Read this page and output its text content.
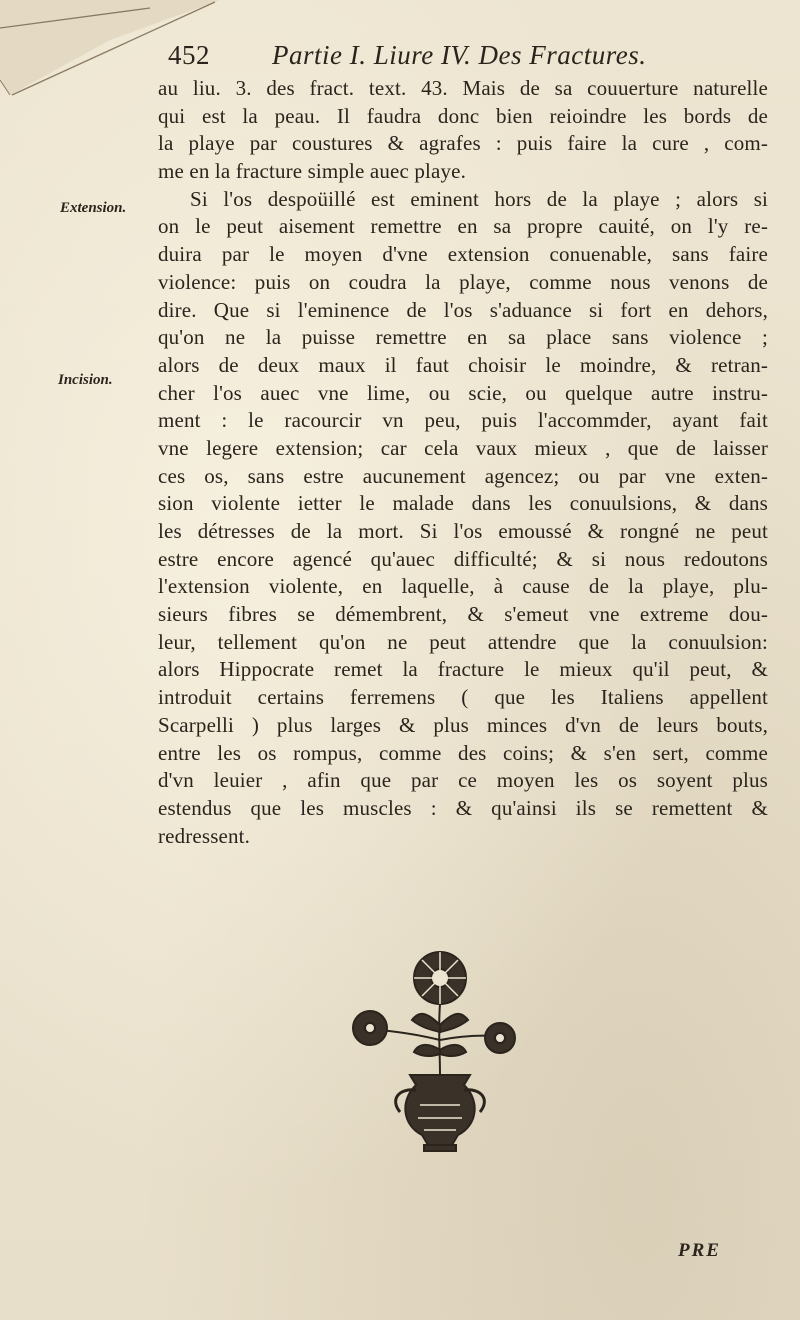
452 Partie I. Liure IV. Des Fractures.
Extension.
Incision.
au liu. 3. des fract. text. 43. Mais de sa couuerture naturelle
qui est la peau. Il faudra donc bien reioindre les bords de
la playe par coustures & agrafes : puis faire la cure , com-
me en la fracture simple auec playe.
Si l'os despoüillé est eminent hors de la playe ; alors si
on le peut aisement remettre en sa propre cauité, on l'y re-
duira par le moyen d'vne extension conuenable, sans faire
violence: puis on coudra la playe, comme nous venons de
dire. Que si l'eminence de l'os s'aduance si fort en dehors,
qu'on ne la puisse remettre en sa place sans violence ;
alors de deux maux il faut choisir le moindre, & retran-
cher l'os auec vne lime, ou scie, ou quelque autre instru-
ment : le racourcir vn peu, puis l'accommder, ayant fait
vne legere extension; car cela vaux mieux , que de laisser
ces os, sans estre aucunement agencez; ou par vne exten-
sion violente ietter le malade dans les conuulsions, & dans
les détresses de la mort. Si l'os emoussé & rongné ne peut
estre encore agencé qu'auec difficulté; & si nous redoutons
l'extension violente, en laquelle, à cause de la playe, plu-
sieurs fibres se démembrent, & s'emeut vne extreme dou-
leur, tellement qu'on ne peut attendre que la conuulsion:
alors Hippocrate remet la fracture le mieux qu'il peut, &
introduit certains ferremens ( que les Italiens appellent
Scarpelli ) plus larges & plus minces d'vn de leurs bouts,
entre les os rompus, comme des coins; & s'en sert, comme
d'vn leuier , afin que par ce moyen les os soyent plus
estendus que les muscles : & qu'ainsi ils se remettent &
redressent.
PRE
